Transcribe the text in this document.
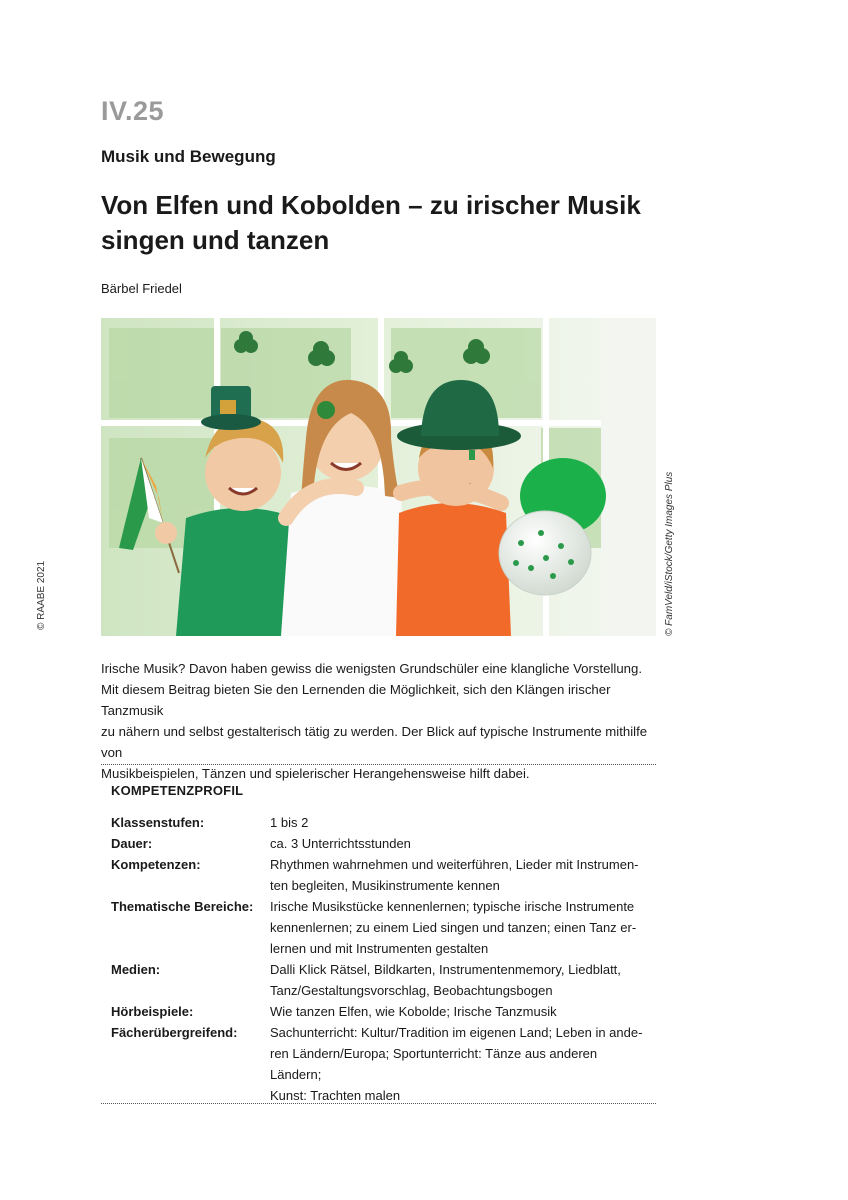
IV.25
Musik und Bewegung
Von Elfen und Kobolden – zu irischer Musik
singen und tanzen
Bärbel Friedel
© FamVeld/iStock/Getty Images Plus
© RAABE 2021

Irische Musik? Davon haben gewiss die wenigsten Grundschüler eine klangliche Vorstellung.

Mit diesem Beitrag bieten Sie den Lernenden die Möglichkeit, sich den Klängen irischer Tanzmusik

zu nähern und selbst gestalterisch tätig zu werden. Der Blick auf typische Instrumente mithilfe von

Musikbeispielen, Tänzen und spielerischer Herangehensweise hilft dabei.

KOMPETENZPROFIL
Klassenstufen:	1 bis 2
Dauer:	ca. 3 Unterrichtsstunden
Kompetenzen:	Rhythmen wahrnehmen und weiterführen, Lieder mit Instrumen-
ten begleiten, Musikinstrumente kennen
Thematische Bereiche:	Irische Musikstücke kennenlernen; typische irische Instrumente
kennenlernen; zu einem Lied singen und tanzen; einen Tanz er-
lernen und mit Instrumenten gestalten
Medien:	Dalli Klick Rätsel, Bildkarten, Instrumentenmemory, Liedblatt,
Tanz/Gestaltungsvorschlag, Beobachtungsbogen
Hörbeispiele:	Wie tanzen Elfen, wie Kobolde; Irische Tanzmusik
Fächerübergreifend:	Sachunterricht: Kultur/Tradition im eigenen Land; Leben in ande-
ren Ländern/Europa; Sportunterricht: Tänze aus anderen Ländern;
Kunst: Trachten malen
